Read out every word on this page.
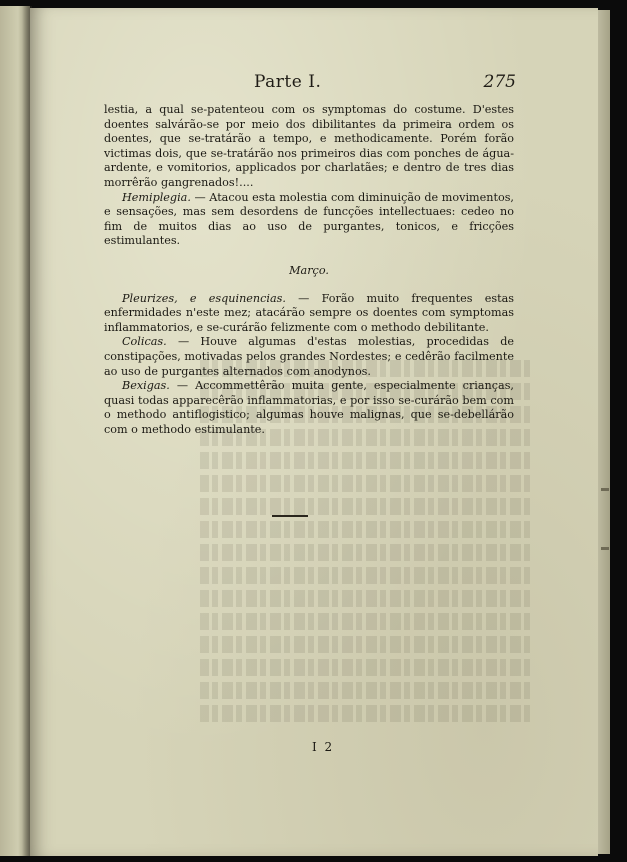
Parte I.	275

lestia, a qual se-patenteou com os symptomas do costume. D'estes doentes salvárão-se por meio dos dibilitantes da primeira ordem os doentes, que se-tratárão a tempo, e methodicamente. Porém forão victimas dois, que se-tratárão nos primeiros dias com ponches de água-ardente, e vomitorios, applicados por charlatães; e dentro de tres dias morrêrão gangrenados!....

Hemiplegia. — Atacou esta molestia com diminuição de movimentos, e sensações, mas sem desordens de funcções intellectuaes: cedeo no fim de muitos dias ao uso de purgantes, tonicos, e fricções estimulantes.

Março.

Pleurizes, e esquinencias. — Forão muito frequentes estas enfermidades n'este mez; atacárão sempre os doentes com symptomas inflammatorios, e se-curárão felizmente com o methodo debilitante.

Colicas. — Houve algumas d'estas molestias, procedidas de constipações, motivadas pelos grandes Nordestes; e cedêrão facilmente ao uso de purgantes alternados com anodynos.

Bexigas. — Accommettêrão muita gente, especialmente crianças, quasi todas apparecêrão inflammatorias, e por isso se-curárão bem com o methodo antiflogistico; algumas houve malignas, que se-debellárão com o methodo estimulante.

I 2
